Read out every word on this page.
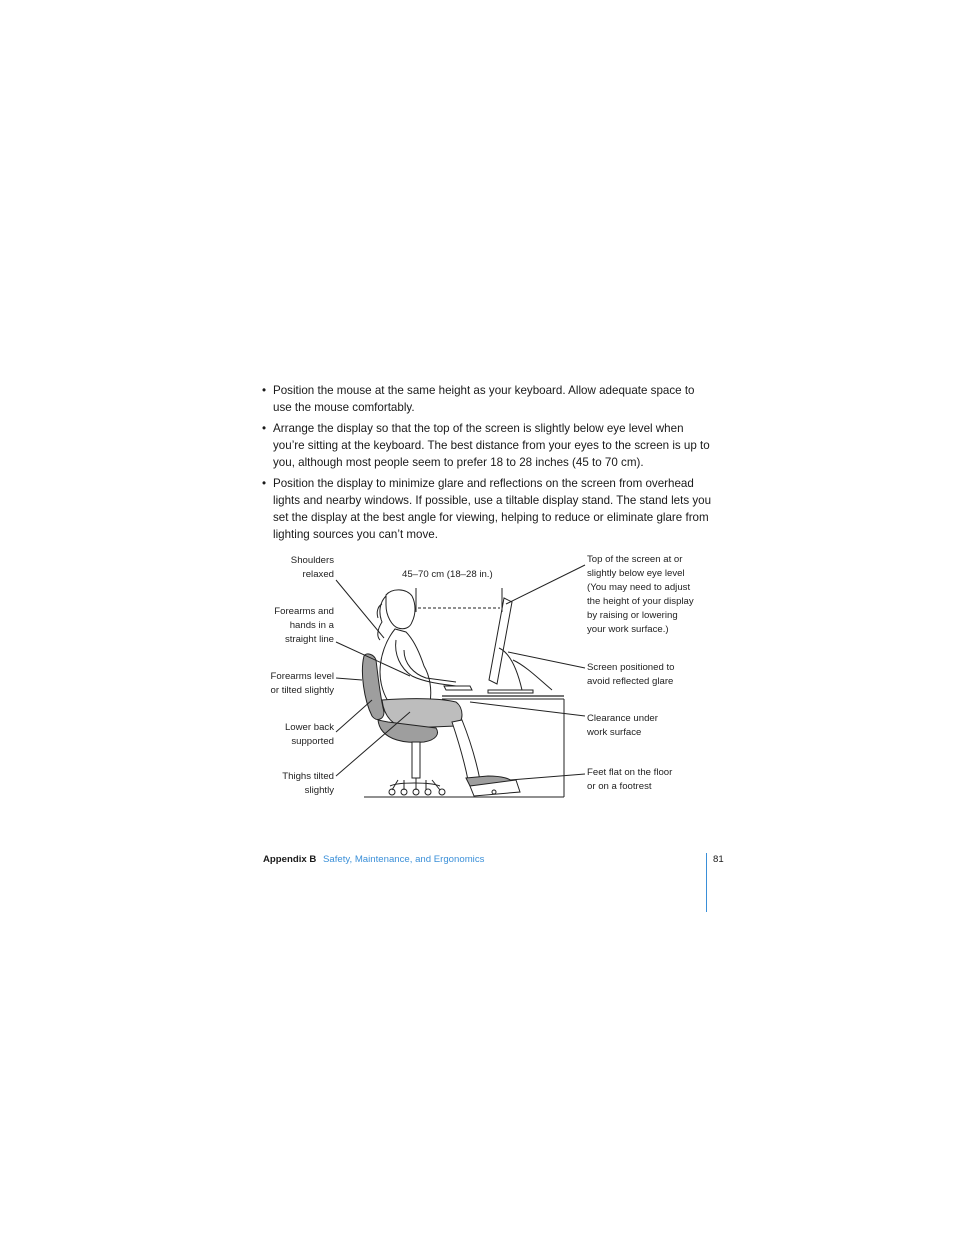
• Position the mouse at the same height as your keyboard. Allow adequate space to use the mouse comfortably.
• Arrange the display so that the top of the screen is slightly below eye level when you’re sitting at the keyboard. The best distance from your eyes to the screen is up to you, although most people seem to prefer 18 to 28 inches (45 to 70 cm).
• Position the display to minimize glare and reflections on the screen from overhead lights and nearby windows. If possible, use a tiltable display stand. The stand lets you set the display at the best angle for viewing, helping to reduce or eliminate glare from lighting sources you can’t move.
45–70 cm (18–28 in.)
Shoulders
relaxed
Forearms and
hands in a
straight line
Forearms level
or tilted slightly
Lower back
supported
Thighs tilted
slightly
Top of the screen at or
slightly below eye level
(You may need to adjust
the height of your display
by raising or lowering
your work surface.)
Screen positioned to
avoid reflected glare
Clearance under
work surface
Feet flat on the floor
or on a footrest
Appendix B Safety, Maintenance, and Ergonomics	81
